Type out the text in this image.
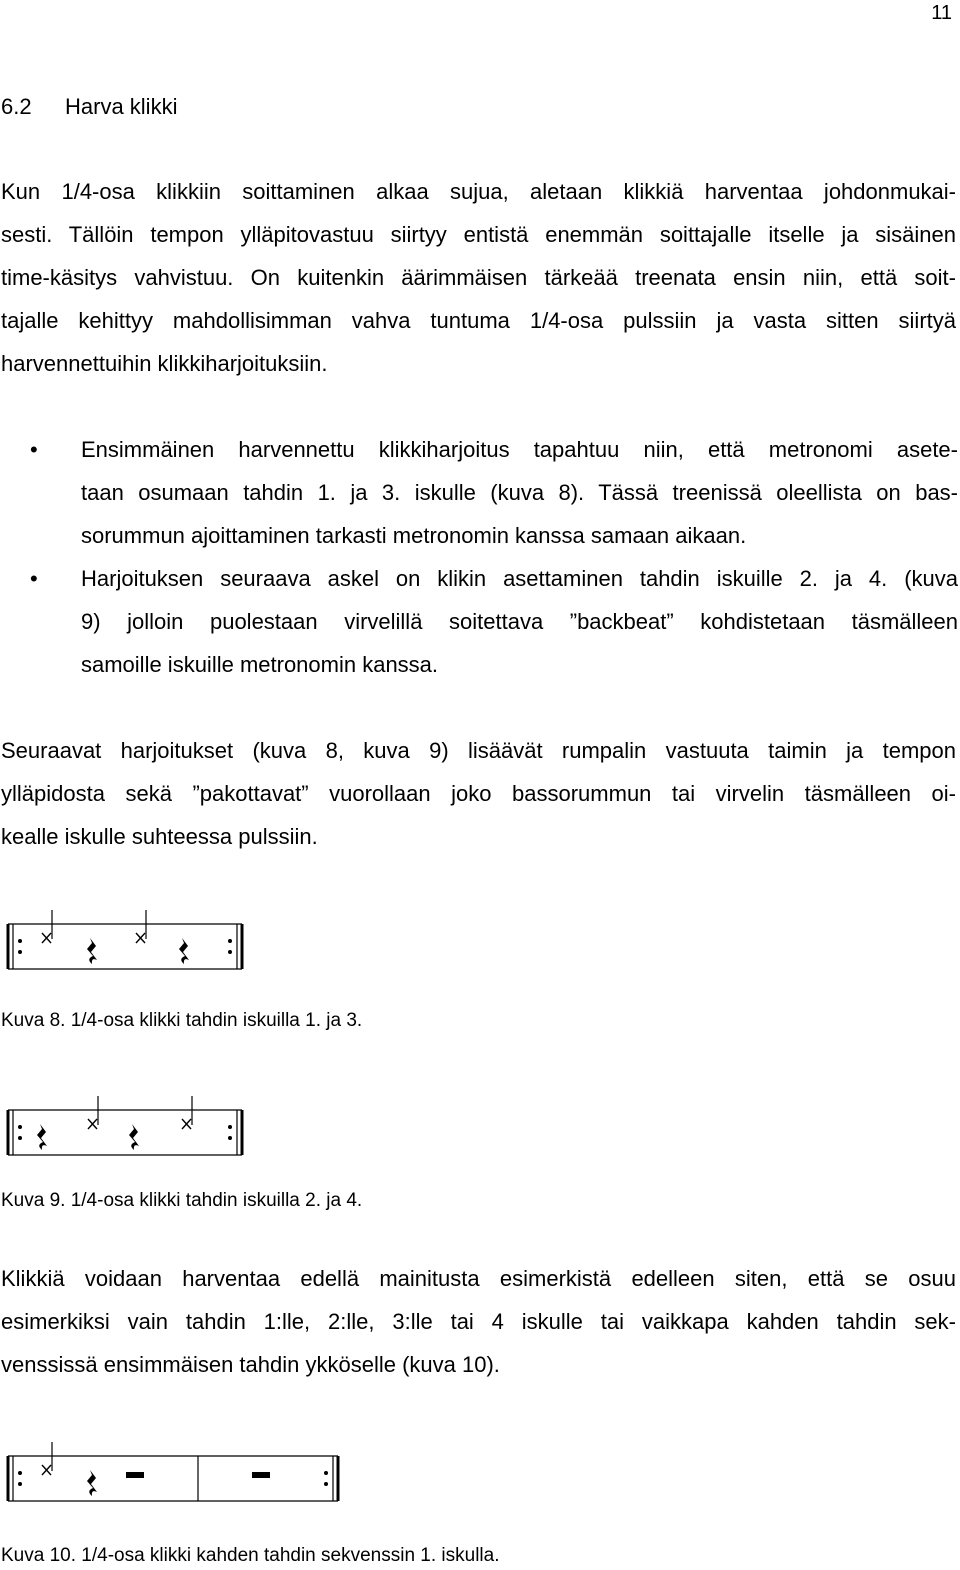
11
6.2 Harva klikki

Kun 1/4-osa klikkiin soittaminen alkaa sujua, aletaan klikkiä harventaa johdonmukai-
sesti. Tällöin tempon ylläpitovastuu siirtyy entistä enemmän soittajalle itselle ja sisäinen
time-käsitys vahvistuu. On kuitenkin äärimmäisen tärkeää treenata ensin niin, että soit-
tajalle kehittyy mahdollisimman vahva tuntuma 1/4-osa pulssiin ja vasta sitten siirtyä
harvennettuihin klikkiharjoituksiin.

• Ensimmäinen harvennettu klikkiharjoitus tapahtuu niin, että metronomi asete-
taan osumaan tahdin 1. ja 3. iskulle (kuva 8). Tässä treenissä oleellista on bas-
sorummun ajoittaminen tarkasti metronomin kanssa samaan aikaan.
• Harjoituksen seuraava askel on klikin asettaminen tahdin iskuille 2. ja 4. (kuva
9) jolloin puolestaan virvelillä soitettava ”backbeat” kohdistetaan täsmälleen
samoille iskuille metronomin kanssa.

Seuraavat harjoitukset (kuva 8, kuva 9) lisäävät rumpalin vastuuta taimin ja tempon
ylläpidosta sekä ”pakottavat” vuorollaan joko bassorummun tai virvelin täsmälleen oi-
kealle iskulle suhteessa pulssiin.

Kuva 8. 1/4-osa klikki tahdin iskuilla 1. ja 3.
Kuva 9. 1/4-osa klikki tahdin iskuilla 2. ja 4.

Klikkiä voidaan harventaa edellä mainitusta esimerkistä edelleen siten, että se osuu
esimerkiksi vain tahdin 1:lle, 2:lle, 3:lle tai 4 iskulle tai vaikkapa kahden tahdin sek-
venssissä ensimmäisen tahdin ykköselle (kuva 10).

Kuva 10. 1/4-osa klikki kahden tahdin sekvenssin 1. iskulla.
